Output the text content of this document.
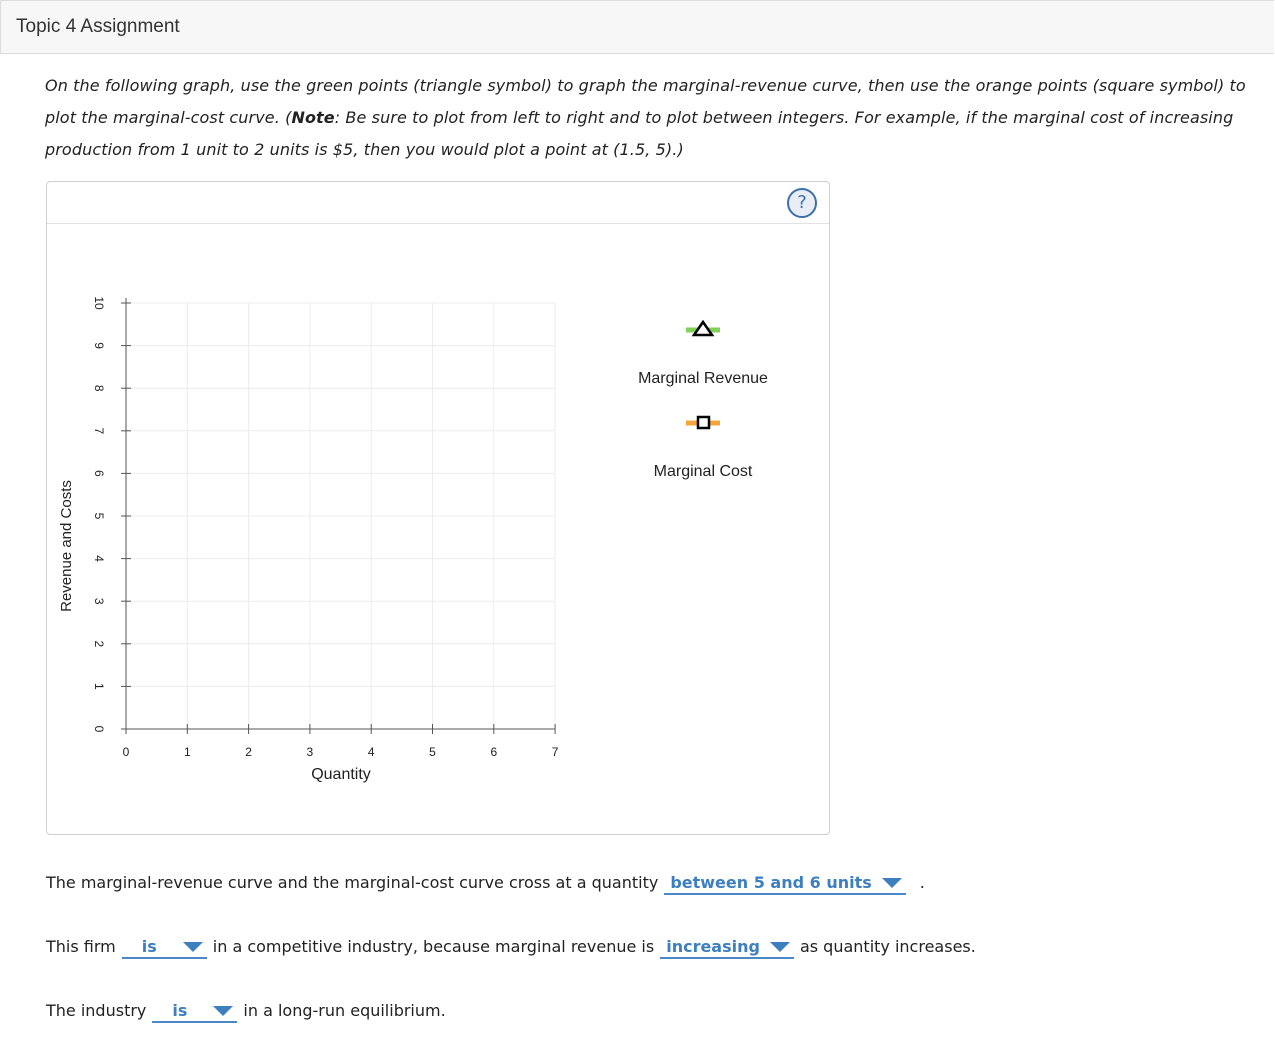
Topic 4 Assignment
On the following graph, use the green points (triangle symbol) to graph the marginal-revenue curve, then use the orange points (square symbol) to plot the marginal-cost curve. (Note: Be sure to plot from left to right and to plot between integers. For example, if the marginal cost of increasing production from 1 unit to 2 units is $5, then you would plot a point at (1.5, 5).)
?
0
1
2
3
4
5
6
7
8
9
10
0	1	2	3	4	5	6	7
Revenue and Costs
Quantity
Marginal Revenue
Marginal Cost
The marginal-revenue curve and the marginal-cost curve cross at a quantity between 5 and 6 units	.
This firm is	in a competitive industry, because marginal revenue is increasing	as quantity increases.
The industry is	in a long-run equilibrium.
